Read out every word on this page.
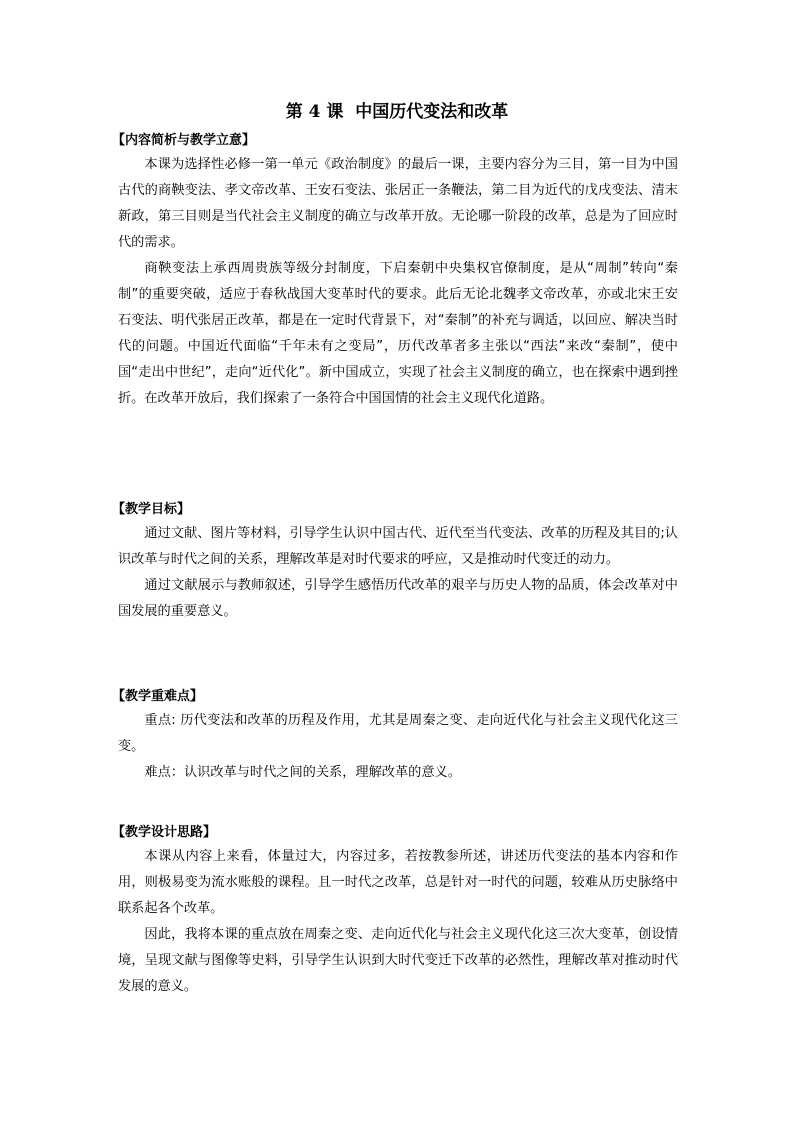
第 4 课  中国历代变法和改革
【内容简析与教学立意】

本课为选择性必修一第一单元《政治制度》的最后一课，主要内容分为三目，第一目为中国古代的商鞅变法、孝文帝改革、王安石变法、张居正一条鞭法，第二目为近代的戊戌变法、清末新政，第三目则是当代社会主义制度的确立与改革开放。无论哪一阶段的改革，总是为了回应时代的需求。

商鞅变法上承西周贵族等级分封制度，下启秦朝中央集权官僚制度，是从“周制”转向“秦制”的重要突破，适应于春秋战国大变革时代的要求。此后无论北魏孝文帝改革，亦或北宋王安石变法、明代张居正改革，都是在一定时代背景下，对“秦制”的补充与调适，以回应、解决当时代的问题。中国近代面临“千年未有之变局”，历代改革者多主张以“西法”来改“秦制”，使中国“走出中世纪”，走向“近代化”。新中国成立，实现了社会主义制度的确立，也在探索中遇到挫折。在改革开放后，我们探索了一条符合中国国情的社会主义现代化道路。

【教学目标】

通过文献、图片等材料，引导学生认识中国古代、近代至当代变法、改革的历程及其目的;认识改革与时代之间的关系，理解改革是对时代要求的呼应，又是推动时代变迁的动力。

通过文献展示与教师叙述，引导学生感悟历代改革的艰辛与历史人物的品质，体会改革对中国发展的重要意义。

【教学重难点】

重点: 历代变法和改革的历程及作用，尤其是周秦之变、走向近代化与社会主义现代化这三变。

难点：认识改革与时代之间的关系，理解改革的意义。

【教学设计思路】

本课从内容上来看，体量过大，内容过多，若按教参所述，讲述历代变法的基本内容和作用，则极易变为流水账般的课程。且一时代之改革，总是针对一时代的问题，较难从历史脉络中联系起各个改革。

因此，我将本课的重点放在周秦之变、走向近代化与社会主义现代化这三次大变革，创设情境，呈现文献与图像等史料，引导学生认识到大时代变迁下改革的必然性，理解改革对推动时代发展的意义。
